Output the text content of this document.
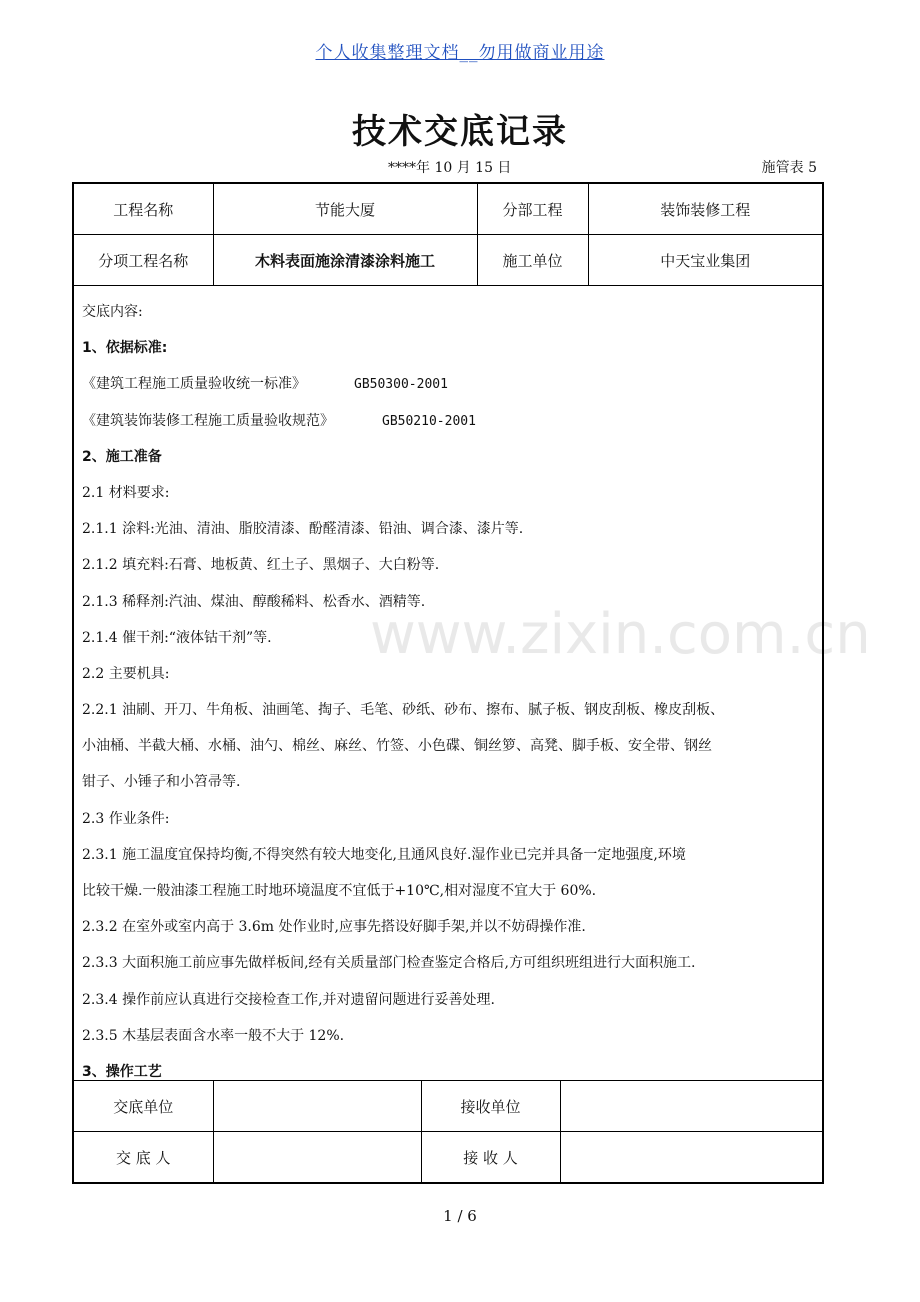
个人收集整理文档__勿用做商业用途
技术交底记录
****年 10 月 15 日	施管表 5
www.zixin.com.cn
工程名称	节能大厦	分部工程	装饰装修工程
分项工程名称	木料表面施涂清漆涂料施工	施工单位	中天宝业集团
交底内容:
1、依据标准:
《建筑工程施工质量验收统一标准》	GB50300-2001
《建筑装饰装修工程施工质量验收规范》	GB50210-2001
2、施工准备
2.1 材料要求:
2.1.1 涂料:光油、清油、脂胶清漆、酚醛清漆、铅油、调合漆、漆片等.
2.1.2 填充料:石膏、地板黄、红土子、黑烟子、大白粉等.
2.1.3 稀释剂:汽油、煤油、醇酸稀料、松香水、酒精等.
2.1.4 催干剂:“液体钴干剂”等.
2.2 主要机具:
2.2.1 油刷、开刀、牛角板、油画笔、掏子、毛笔、砂纸、砂布、擦布、腻子板、钢皮刮板、橡皮刮板、
小油桶、半截大桶、水桶、油勺、棉丝、麻丝、竹签、小色碟、铜丝箩、高凳、脚手板、安全带、钢丝
钳子、小锤子和小笤帚等.
2.3 作业条件:
2.3.1 施工温度宜保持均衡,不得突然有较大地变化,且通风良好.湿作业已完并具备一定地强度,环境
比较干燥.一般油漆工程施工时地环境温度不宜低于+10℃,相对湿度不宜大于 60%.
2.3.2 在室外或室内高于 3.6m 处作业时,应事先搭设好脚手架,并以不妨碍操作准.
2.3.3 大面积施工前应事先做样板间,经有关质量部门检查鉴定合格后,方可组织班组进行大面积施工.
2.3.4 操作前应认真进行交接检查工作,并对遗留问题进行妥善处理.
2.3.5 木基层表面含水率一般不大于 12%.
3、操作工艺
交底单位		接收单位	
交 底 人		接 收 人	
1 / 6
